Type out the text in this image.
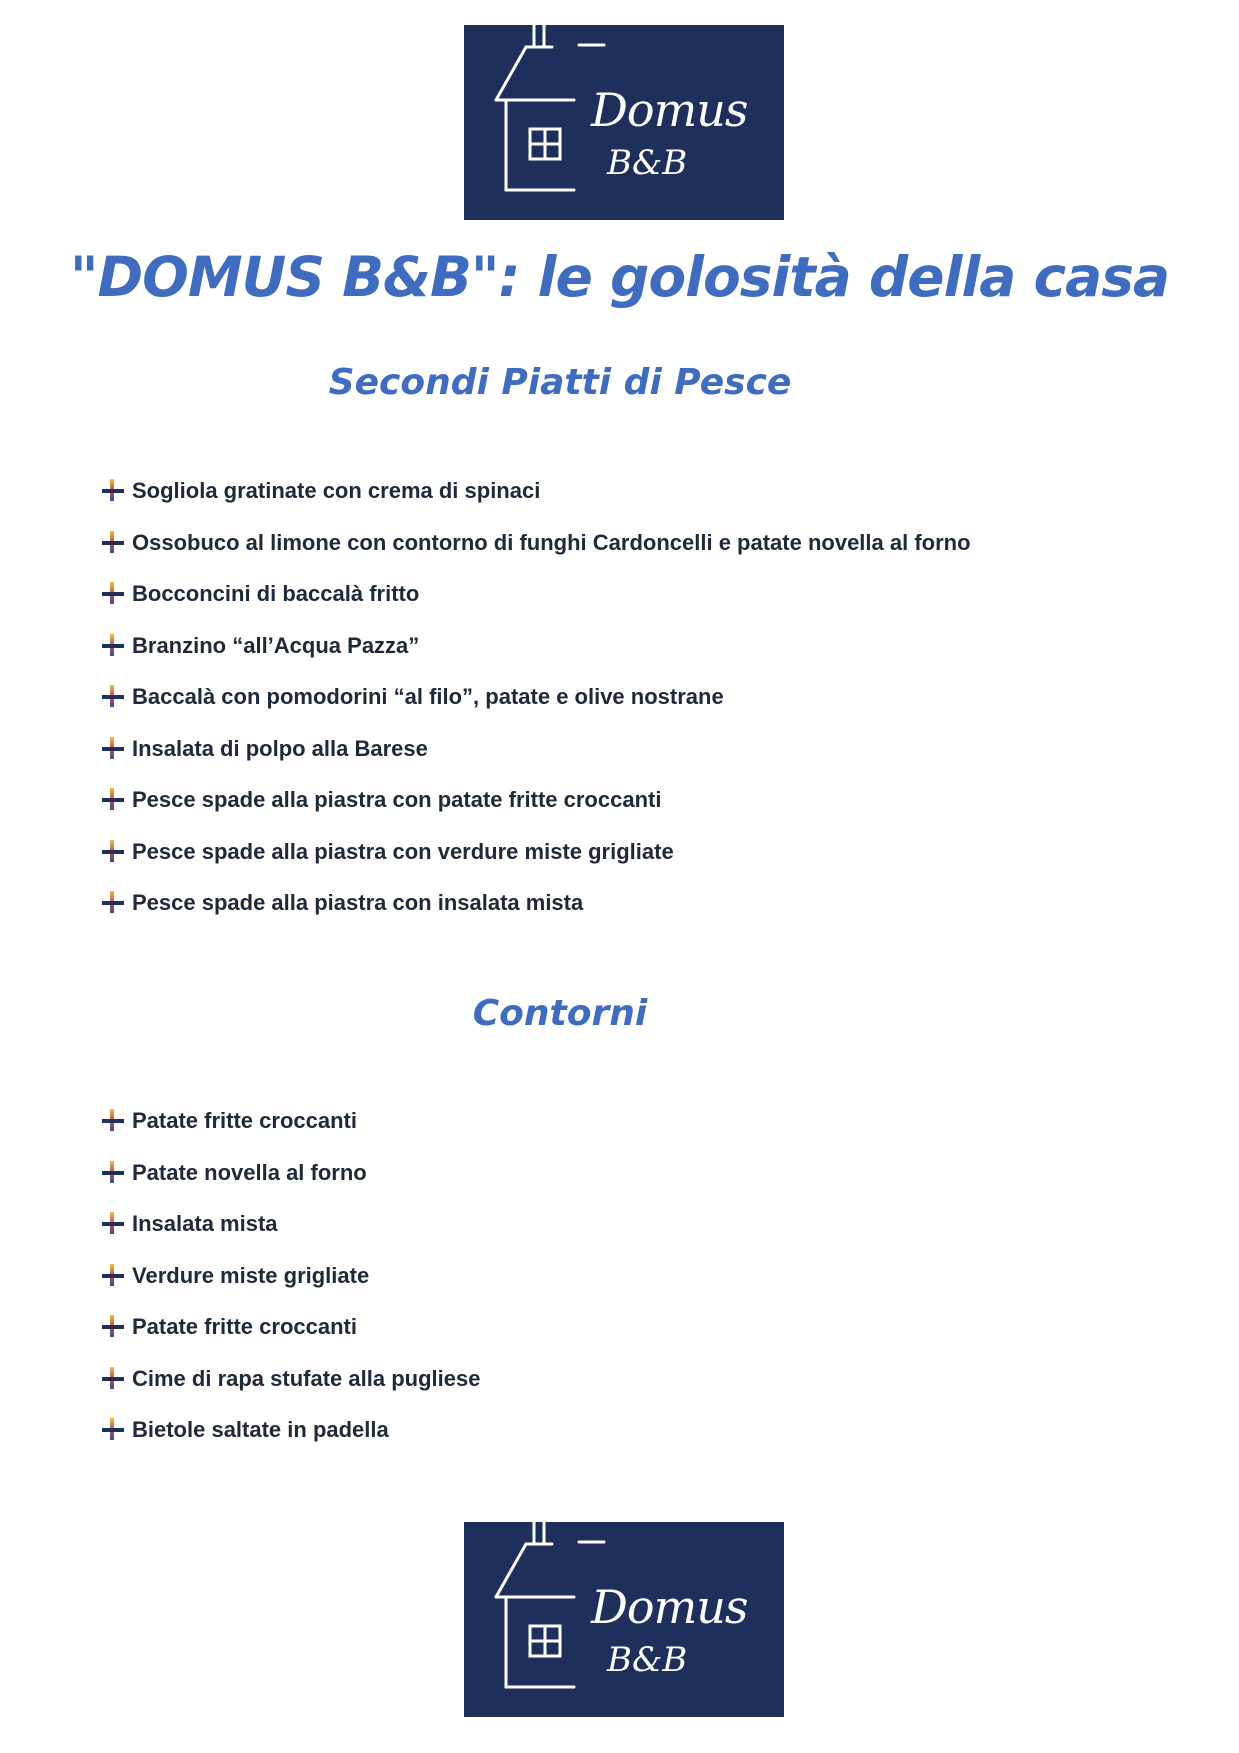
Domus
B&B
"DOMUS B&B": le golosità della casa
Secondi Piatti di Pesce
Sogliola gratinate con crema di spinaci
Ossobuco al limone con contorno di funghi Cardoncelli e patate novella al forno
Bocconcini di baccalà fritto
Branzino “all’Acqua Pazza”
Baccalà con pomodorini “al filo”, patate e olive nostrane
Insalata di polpo alla Barese
Pesce spade alla piastra con patate fritte croccanti
Pesce spade alla piastra con verdure miste grigliate
Pesce spade alla piastra con insalata mista
Contorni
Patate fritte croccanti
Patate novella al forno
Insalata mista
Verdure miste grigliate
Patate fritte croccanti
Cime di rapa stufate alla pugliese
Bietole saltate in padella
Domus
B&B
